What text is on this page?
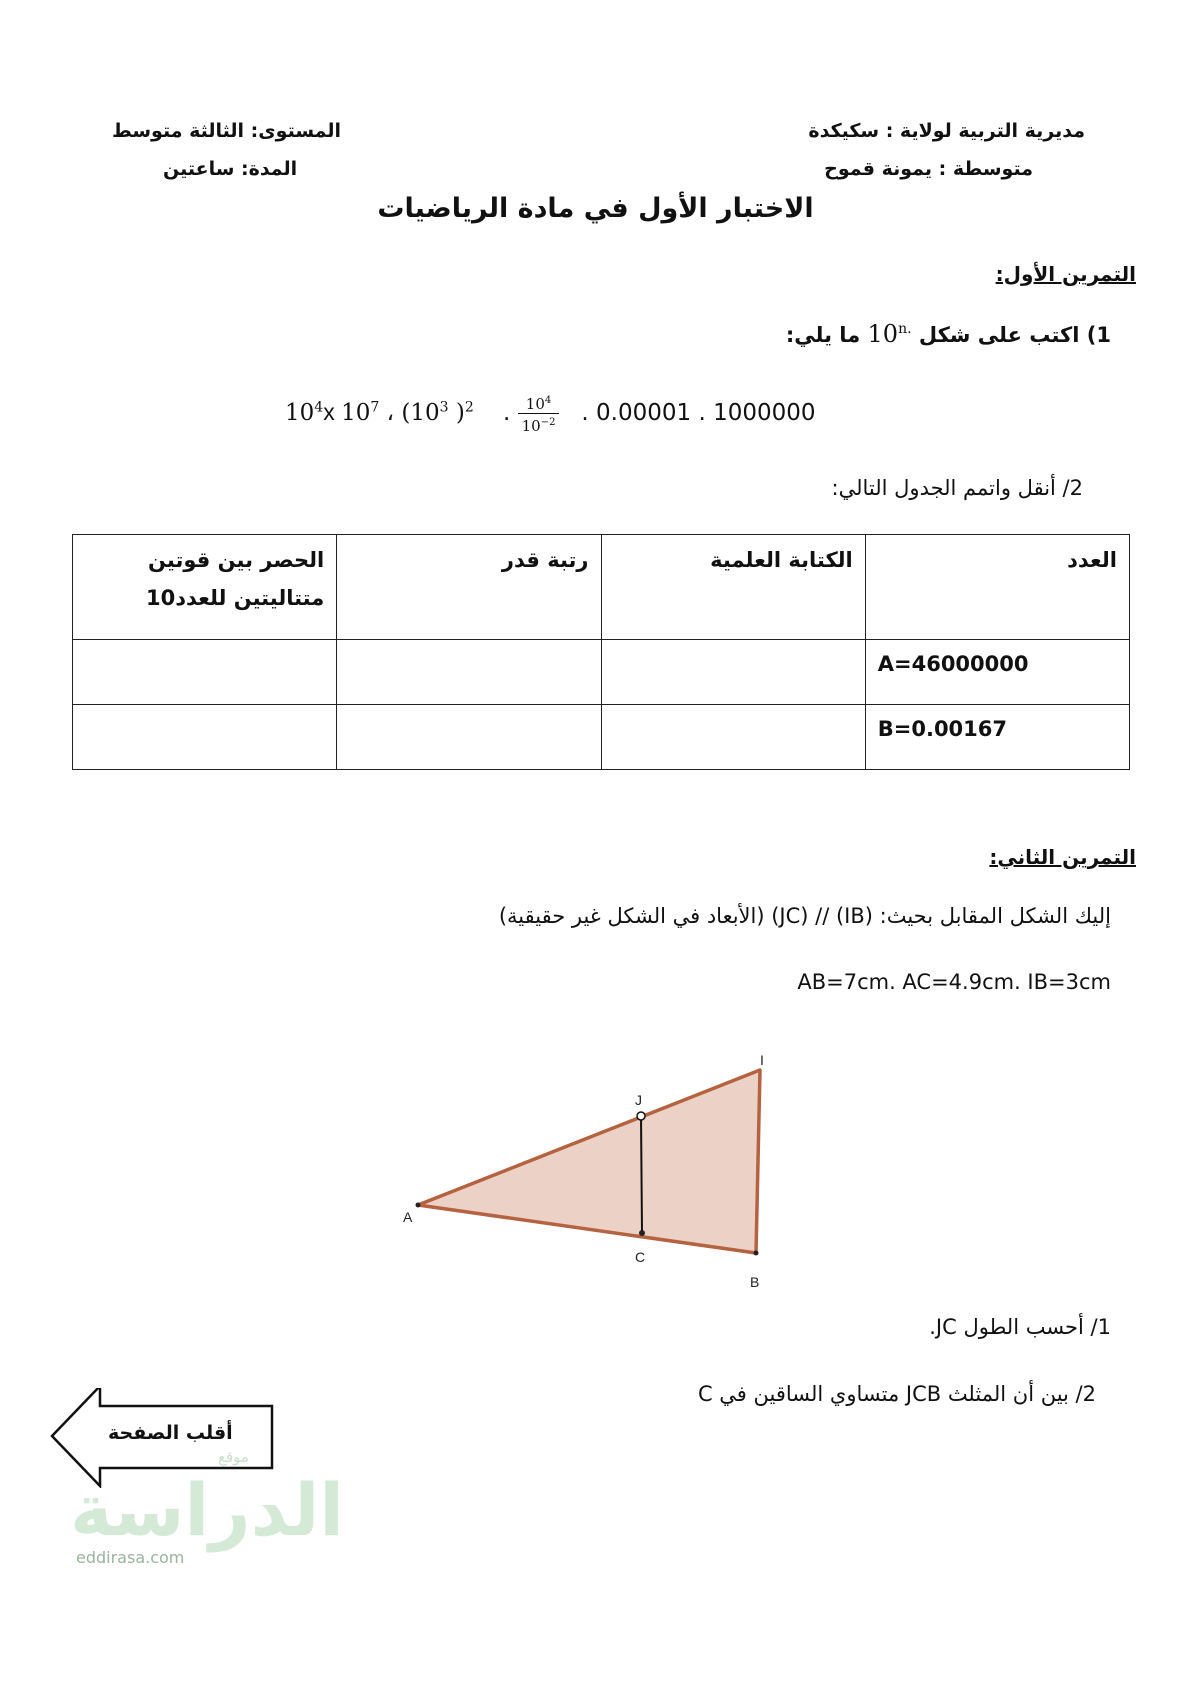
مديرية التربية لولاية : سكيكدة
متوسطة : يمونة قموح
المستوى: الثالثة متوسط
المدة: ساعتين
الاختبار الأول في مادة الرياضيات
التمرين الأول:
1) اكتب على شكل $10^{n.}$ ما يلي:
$10^4x$ $10^7$ ، ($10^3$ )$^2$ . $\frac{10^4}{10^{-2}} 1000000$ . 0.00001 .
2/ أنقل واتمم الجدول التالي:
العدد	الكتابة العلمية	رتبة قدر	الحصر بين قوتين متتاليتين للعدد10
A=46000000			
B=0.00167			
التمرين الثاني:
إليك الشكل المقابل بحيث: (IB) // (JC) (الأبعاد في الشكل غير حقيقية)
AB=7cm. AC=4.9cm. IB=3cm
A
B
C
I
J
1/ أحسب الطول JC.
2/ بين أن المثلث JCB متساوي الساقين في C
أقلب الصفحة
موقع
الدراسة
eddirasa.com
